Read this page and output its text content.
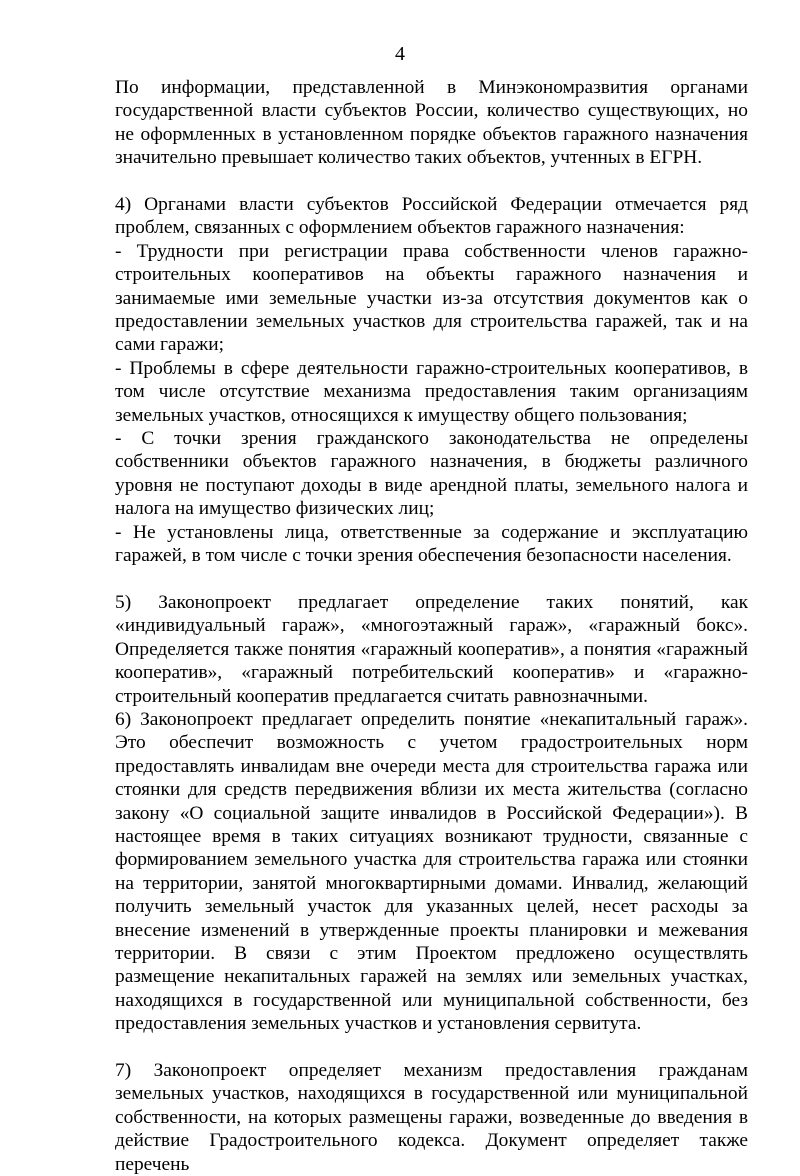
4

По информации, представленной в Минэкономразвития органами государственной власти субъектов России, количество существующих, но не оформленных в установленном порядке объектов гаражного назначения значительно превышает количество таких объектов, учтенных в ЕГРН.

4) Органами власти субъектов Российской Федерации отмечается ряд проблем, связанных с оформлением объектов гаражного назначения:

- Трудности при регистрации права собственности членов гаражно-строительных кооперативов на объекты гаражного назначения и занимаемые ими земельные участки из-за отсутствия документов как о предоставлении земельных участков для строительства гаражей, так и на сами гаражи;

- Проблемы в сфере деятельности гаражно-строительных кооперативов, в том числе отсутствие механизма предоставления таким организациям земельных участков, относящихся к имуществу общего пользования;

- С точки зрения гражданского законодательства не определены собственники объектов гаражного назначения, в бюджеты различного уровня не поступают доходы в виде арендной платы, земельного налога и налога на имущество физических лиц;

- Не установлены лица, ответственные за содержание и эксплуатацию гаражей, в том числе с точки зрения обеспечения безопасности населения.

5) Законопроект предлагает определение таких понятий, как «индивидуальный гараж», «многоэтажный гараж», «гаражный бокс». Определяется также понятия «гаражный кооператив», а понятия «гаражный кооператив», «гаражный потребительский кооператив» и «гаражно-строительный кооператив предлагается считать равнозначными.

6) Законопроект предлагает определить понятие «некапитальный гараж». Это обеспечит возможность с учетом градостроительных норм предоставлять инвалидам вне очереди места для строительства гаража или стоянки для средств передвижения вблизи их места жительства (согласно закону «О социальной защите инвалидов в Российской Федерации»). В настоящее время в таких ситуациях возникают трудности, связанные с формированием земельного участка для строительства гаража или стоянки на территории, занятой многоквартирными домами. Инвалид, желающий получить земельный участок для указанных целей, несет расходы за внесение изменений в утвержденные проекты планировки и межевания территории. В связи с этим Проектом предложено осуществлять размещение некапитальных гаражей на землях или земельных участках, находящихся в государственной или муниципальной собственности, без предоставления земельных участков и установления сервитута.

7) Законопроект определяет механизм предоставления гражданам земельных участков, находящихся в государственной или муниципальной собственности, на которых размещены гаражи, возведенные до введения в действие Градостроительного кодекса. Документ определяет также перечень
